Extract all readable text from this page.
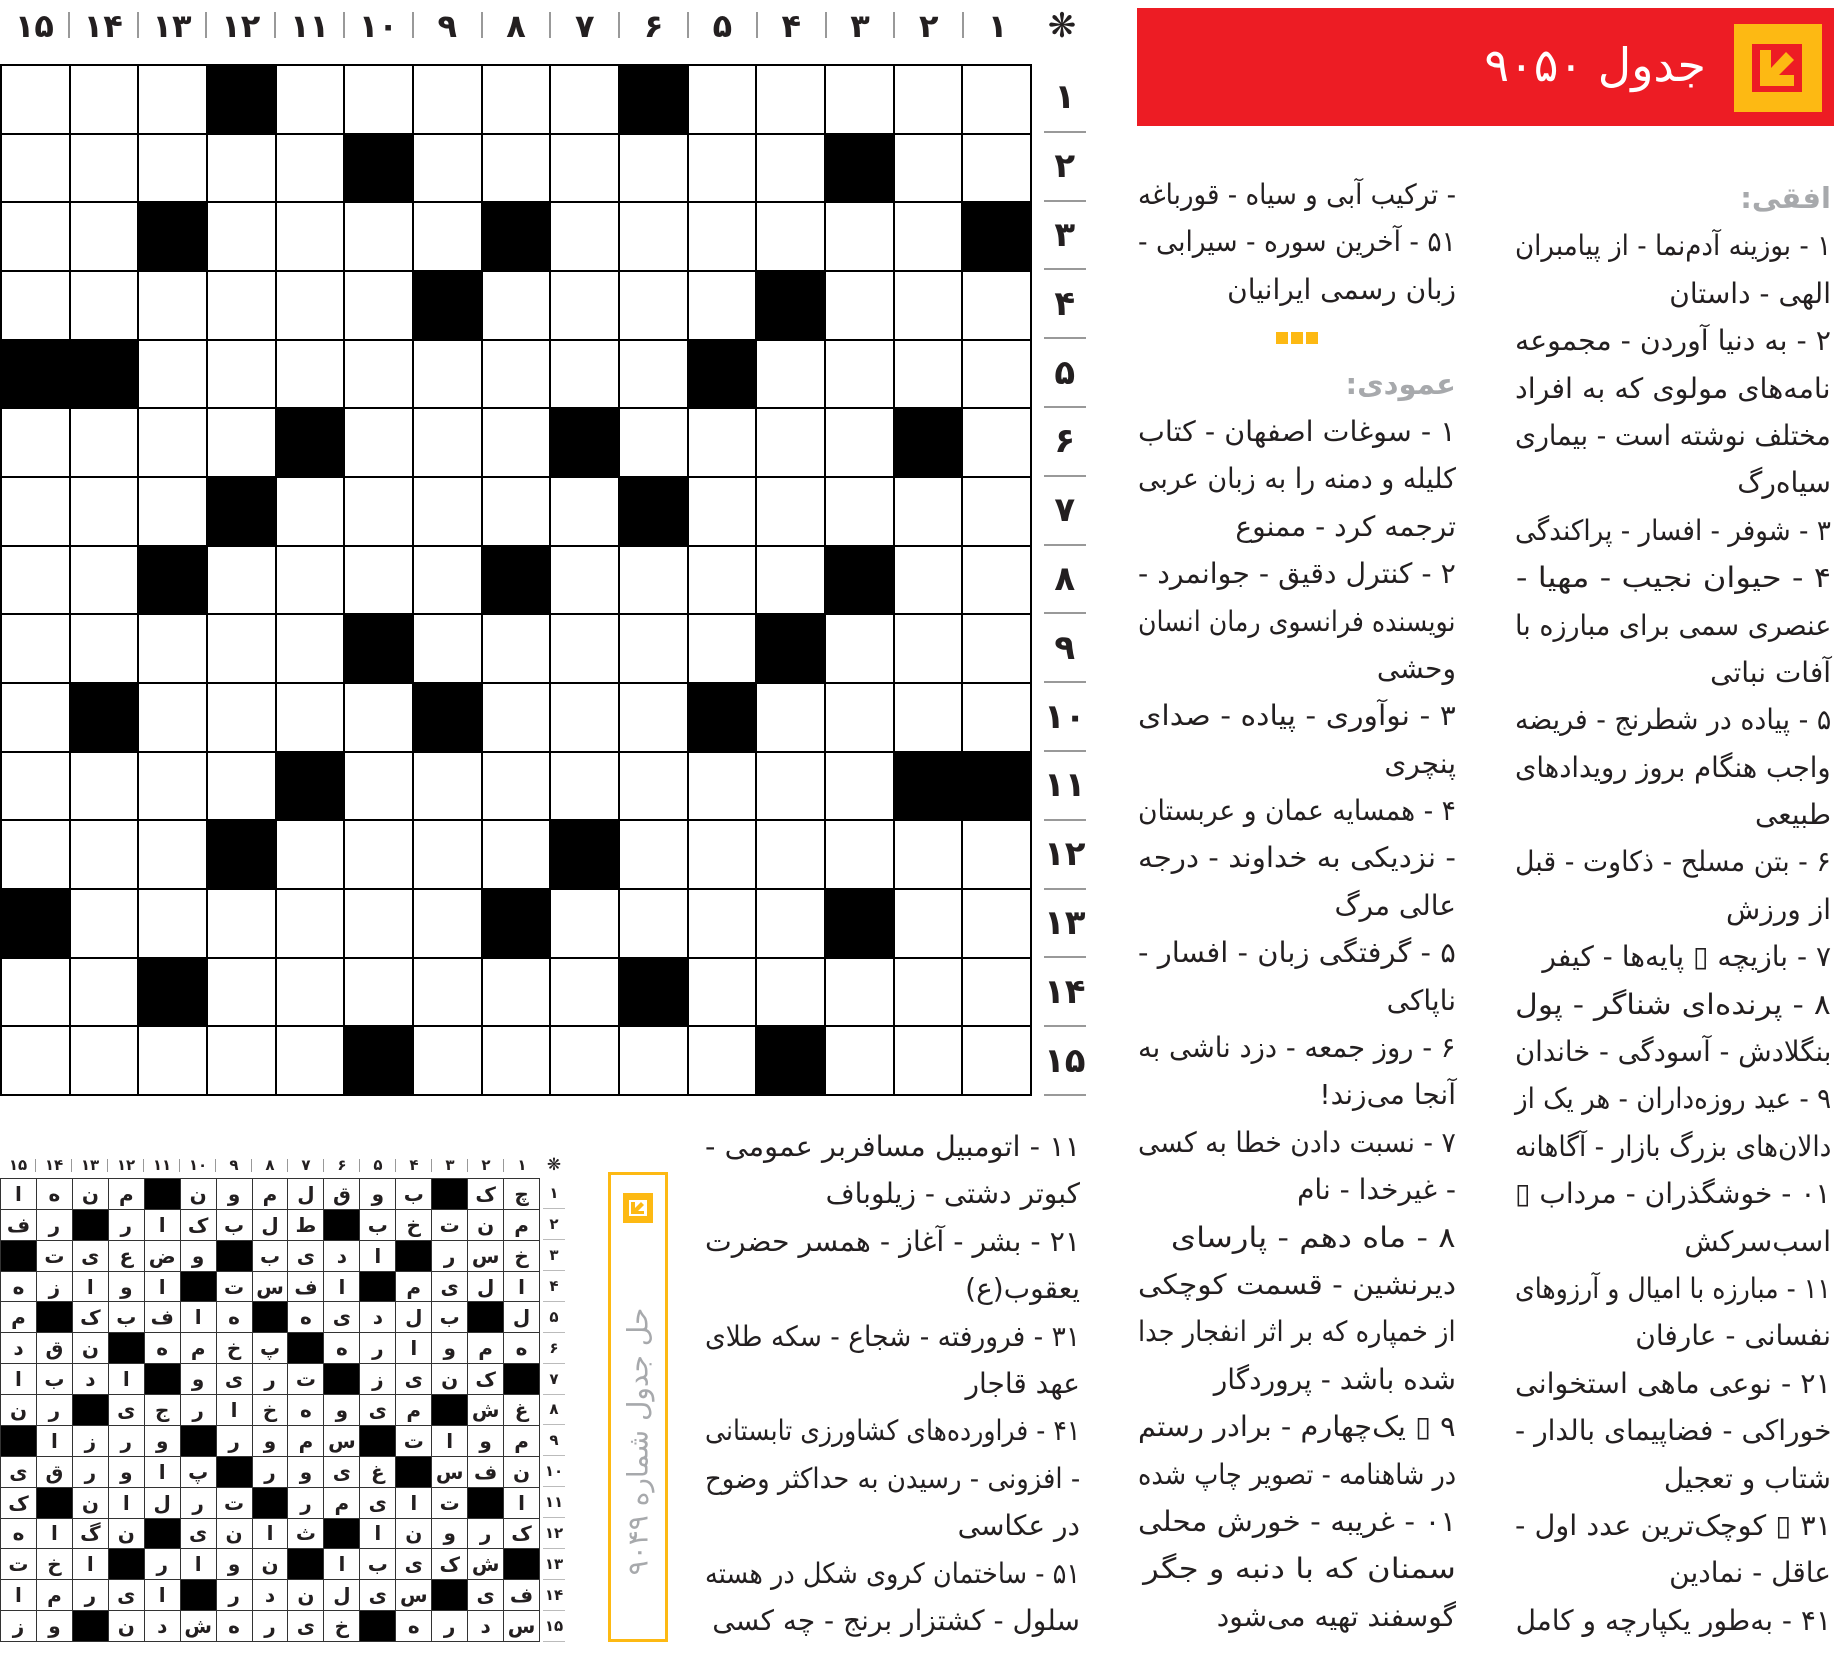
جدول ۹۰۵۰
۱
۲
۳
۴
۵
۶
۷
۸
۹
۱۰
۱۱
۱۲
۱۳
۱۴
۱۵	❋
۱
۲
۳
۴
۵
۶
۷
۸
۹
۱۰
۱۱
۱۲
۱۳
۱۴
۱۵
افقی:
۱ - بوزینه آدم‌نما - از پیامبران
الهی - داستان
۲ - به دنیا آوردن - مجموعه
نامه‌های مولوی که به افراد
مختلف نوشته است - بیماری
سیاه‌رگ
۳ - شوفر - افسار - پراکندگی
۴ - حیوان نجیب - مهیا -
عنصری سمی برای مبارزه با
آفات نباتی
۵ - پیاده در شطرنج - فریضه
واجب هنگام بروز رویدادهای
طبیعی
۶ - بتن مسلح - ذکاوت - قبل
از ورزش
۷ - بازیچه ▯ پایه‌ها - کیفر
۸ - پرنده‌ای شناگر - پول
بنگلادش - آسودگی - خاندان
۹ - عید روزه‌داران - هر یک از
دالان‌های بزرگ بازار - آگاهانه
۰۱ - خوشگذران - مرداب ▯
اسب‌سرکش
۱۱ - مبارزه با امیال و آرزوهای
نفسانی - عارفان
۲۱ - نوعی ماهی استخوانی
خوراکی - فضاپیمای بالدار -
شتاب و تعجیل
۳۱ ▯ کوچک‌ترین عدد اول -
عاقل - نمادین
۴۱ - به‌طور یکپارچه و کامل
- ترکیب آبی و سیاه - قورباغه
۵۱ - آخرین سوره - سیرابی -
زبان رسمی ایرانیان
عمودی:
۱ - سوغات اصفهان - کتاب
کلیله و دمنه را به زبان عربی
ترجمه کرد - ممنوع
۲ - کنترل دقیق - جوانمرد -
نویسنده فرانسوی رمان انسان
وحشی
۳ - نوآوری - پیاده - صدای
پنچری
۴ - همسایه عمان و عربستان
- نزدیکی به خداوند - درجه
عالی مرگ
۵ - گرفتگی زبان - افسار -
ناپاکی
۶ - روز جمعه - دزد ناشی به
آنجا می‌زند!
۷ - نسبت دادن خطا به کسی
- غیرخدا - نام
۸ - ماه دهم - پارسای
دیرنشین - قسمت کوچکی
از خمپاره که بر اثر انفجار جدا
شده باشد - پروردگار
۹ ▯ یک‌چهارم - برادر رستم
در شاهنامه - تصویر چاپ شده
۰۱ - غریبه - خورش محلی
سمنان که با دنبه و جگر
گوسفند تهیه می‌شود
۱۱ - اتومبیل مسافربر عمومی -
کبوتر دشتی - زیلوباف
۲۱ - بشر - آغاز - همسر حضرت
یعقوب(ع)
۳۱ - فرورفته - شجاع - سکه طلای
عهد قاجار
۴۱ - فراورده‌های کشاورزی تابستانی
- افزونی - رسیدن به حداکثر وضوح
در عکاسی
۵۱ - ساختمان کروی شکل در هسته
سلول - کشتزار برنج - چه کسی
۱
۲
۳
۴
۵
۶
۷
۸
۹
۱۰
۱۱
۱۲
۱۳
۱۴
۱۵	❋
چ
ک
ب
و
ق
ل
م
و
ن
م
ن
ه
ا
م
ن
ت
خ
ب
ط
ل
ب
ک
ا
ر
ر
ف
خ
س
ر
ا
د
ی
ب
و
ض
ع
ی
ت
ا
ل
ی
م
ا
ف
س
ت
ا
و
ا
ز
ه
ل
ب
ل
د
ی
ه
ه
ا
ف
ب
ک
م
ه
م
و
ا
ر
ه
پ
خ
م
ه
ن
ق
د
ک
ن
ی
ز
ت
ر
ی
و
ا
د
ب
ا
غ
ش
م
ی
و
ه
خ
ا
ر
ج
ی
ر
ن
م
و
ا
ت
س
م
و
ر
و
ر
ز
ا
ن
ف
س
غ
ی
و
ر
پ
ا
و
ر
ق
ی
ا
ت
ا
ی
م
ر
ت
ر
ل
ا
ن
ک
ک
ر
و
ن
ا
ث
ا
ن
ی
ن
گ
ا
ه
ش
ک
ی
ب
ا
ن
و
ا
ر
ا
خ
ت
ف
ی
س
ی
ل
ن
د
ر
ا
ی
ر
م
ا
س
د
ر
ه
خ
ی
ر
ه
ش
د
ن
و
ز
۱
۲
۳
۴
۵
۶
۷
۸
۹
۱۰
۱۱
۱۲
۱۳
۱۴
۱۵
حل جدول شماره ۹۰۴۹
